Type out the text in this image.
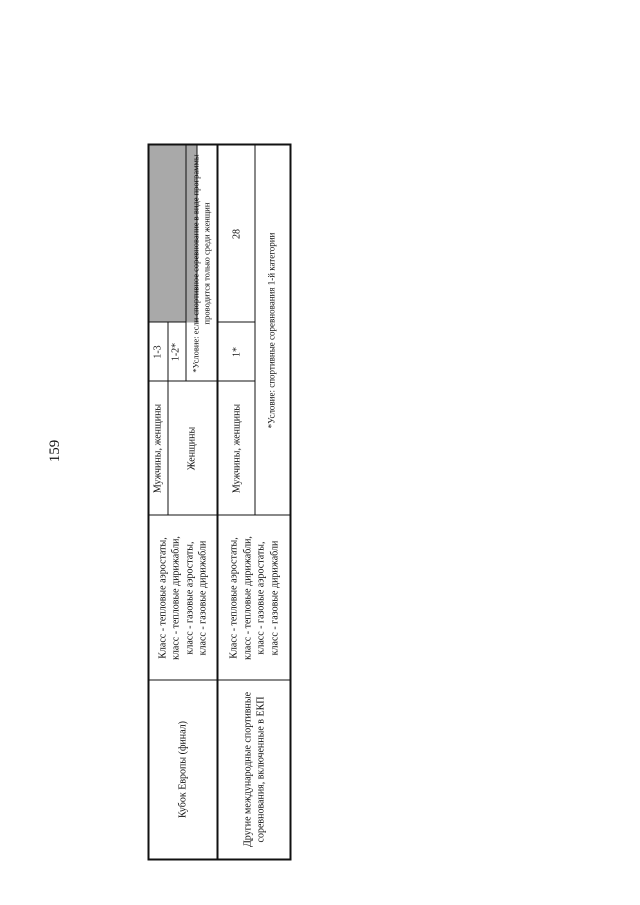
159
Кубок Европы (финал)
Класс - тепловые аэростаты, класс - тепловые дирижабли, класс - газовые аэростаты, класс - газовые дирижабли
Мужчины, женщины
1-3
Женщины
1-2* *Условие: если спортивное соревнование в виде программы проводится только среди женщин
Другие международные спортивные соревнования, включенные в ЕКП
Класс - тепловые аэростаты, класс - тепловые дирижабли, класс - газовые аэростаты, класс - газовые дирижабли
Мужчины, женщины
1*
28	*Условие: спортивные соревнования 1-й категории
